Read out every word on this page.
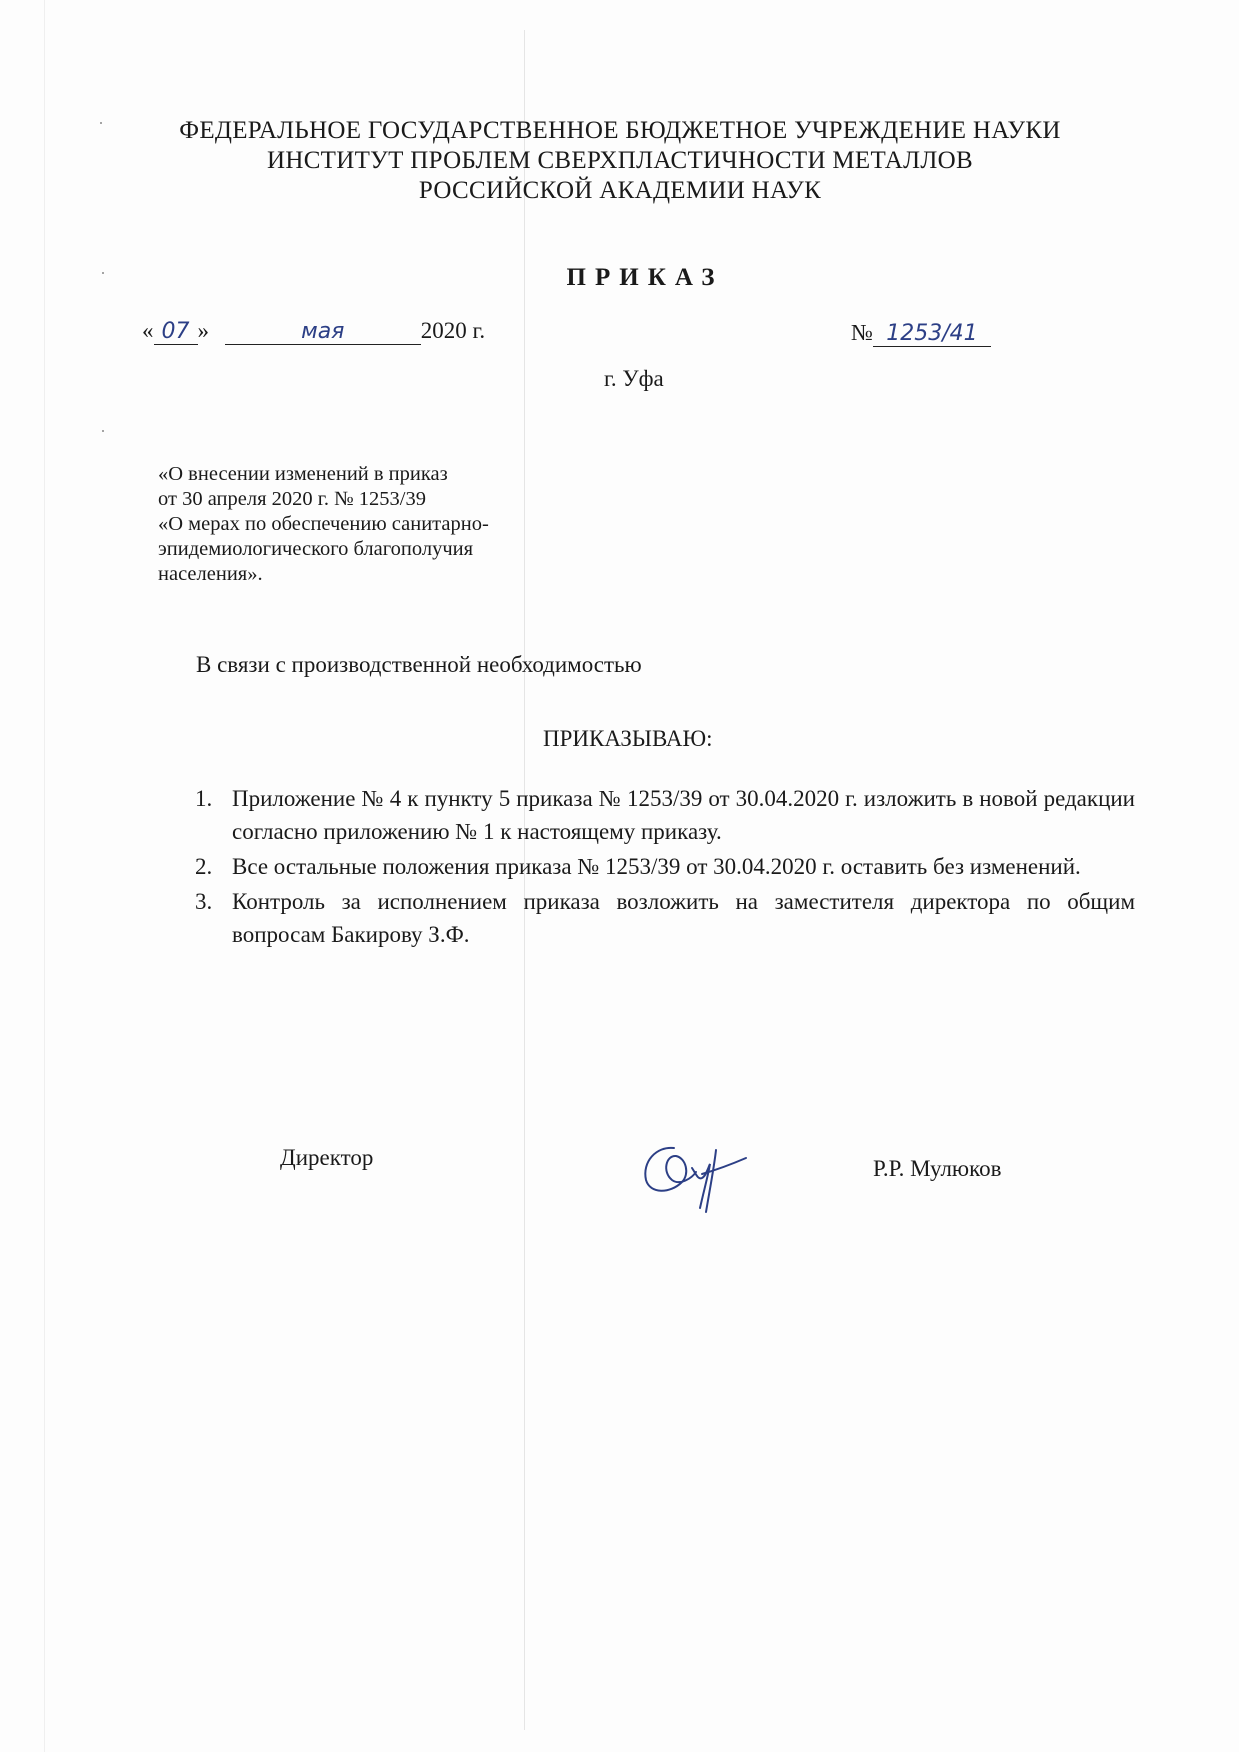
ФЕДЕРАЛЬНОЕ ГОСУДАРСТВЕННОЕ БЮДЖЕТНОЕ УЧРЕЖДЕНИЕ НАУКИ
ИНСТИТУТ ПРОБЛЕМ СВЕРХПЛАСТИЧНОСТИ МЕТАЛЛОВ
РОССИЙСКОЙ АКАДЕМИИ НАУК
ПРИКАЗ
« 07 »	мая	2020 г.	№ 1253/41
г. Уфа
«О внесении изменений в приказ
от 30 апреля 2020 г. № 1253/39
«О мерах по обеспечению санитарно-
эпидемиологического благополучия
населения».
В связи с производственной необходимостью
ПРИКАЗЫВАЮ:
1. Приложение № 4 к пункту 5 приказа № 1253/39 от 30.04.2020 г. изложить в новой редакции согласно приложению № 1 к настоящему приказу.
2. Все остальные положения приказа № 1253/39 от 30.04.2020 г. оставить без изменений.
3. Контроль за исполнением приказа возложить на заместителя директора по общим вопросам Бакирову З.Ф.
Директор	Р.Р. Мулюков
